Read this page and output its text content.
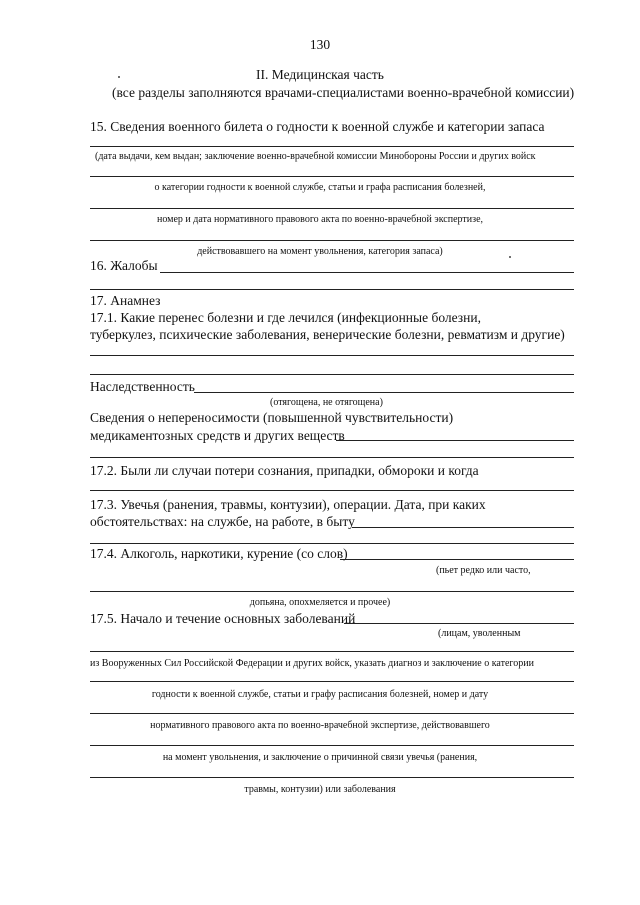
130
II. Медицинская часть
(все разделы заполняются врачами-специалистами военно-врачебной комиссии)
15. Сведения военного билета о годности к военной службе и категории запаса
(дата выдачи, кем выдан; заключение военно-врачебной комиссии Минобороны России и других войск
о категории годности к военной службе, статьи и графа расписания болезней,
номер и дата нормативного правового акта по военно-врачебной экспертизе,
действовавшего на момент увольнения, категория запаса)
16. Жалобы
17. Анамнез
17.1. Какие перенес болезни и где лечился (инфекционные болезни,
туберкулез, психические заболевания, венерические болезни, ревматизм и другие)
Наследственность
(отягощена, не отягощена)
Сведения о непереносимости (повышенной чувствительности)
медикаментозных средств и других веществ
17.2. Были ли случаи потери сознания, припадки, обмороки и когда
17.3. Увечья (ранения, травмы, контузии), операции. Дата, при каких
обстоятельствах: на службе, на работе, в быту
17.4. Алкоголь, наркотики, курение (со слов)
(пьет редко или часто,
допьяна, опохмеляется и прочее)
17.5. Начало и течение основных заболеваний
(лицам, уволенным
из Вооруженных Сил Российской Федерации и других войск, указать диагноз и заключение о категории
годности к военной службе, статьи и графу расписания болезней, номер и дату
нормативного правового акта по военно-врачебной экспертизе, действовавшего
на момент увольнения, и заключение о причинной связи увечья (ранения,
травмы, контузии) или заболевания
